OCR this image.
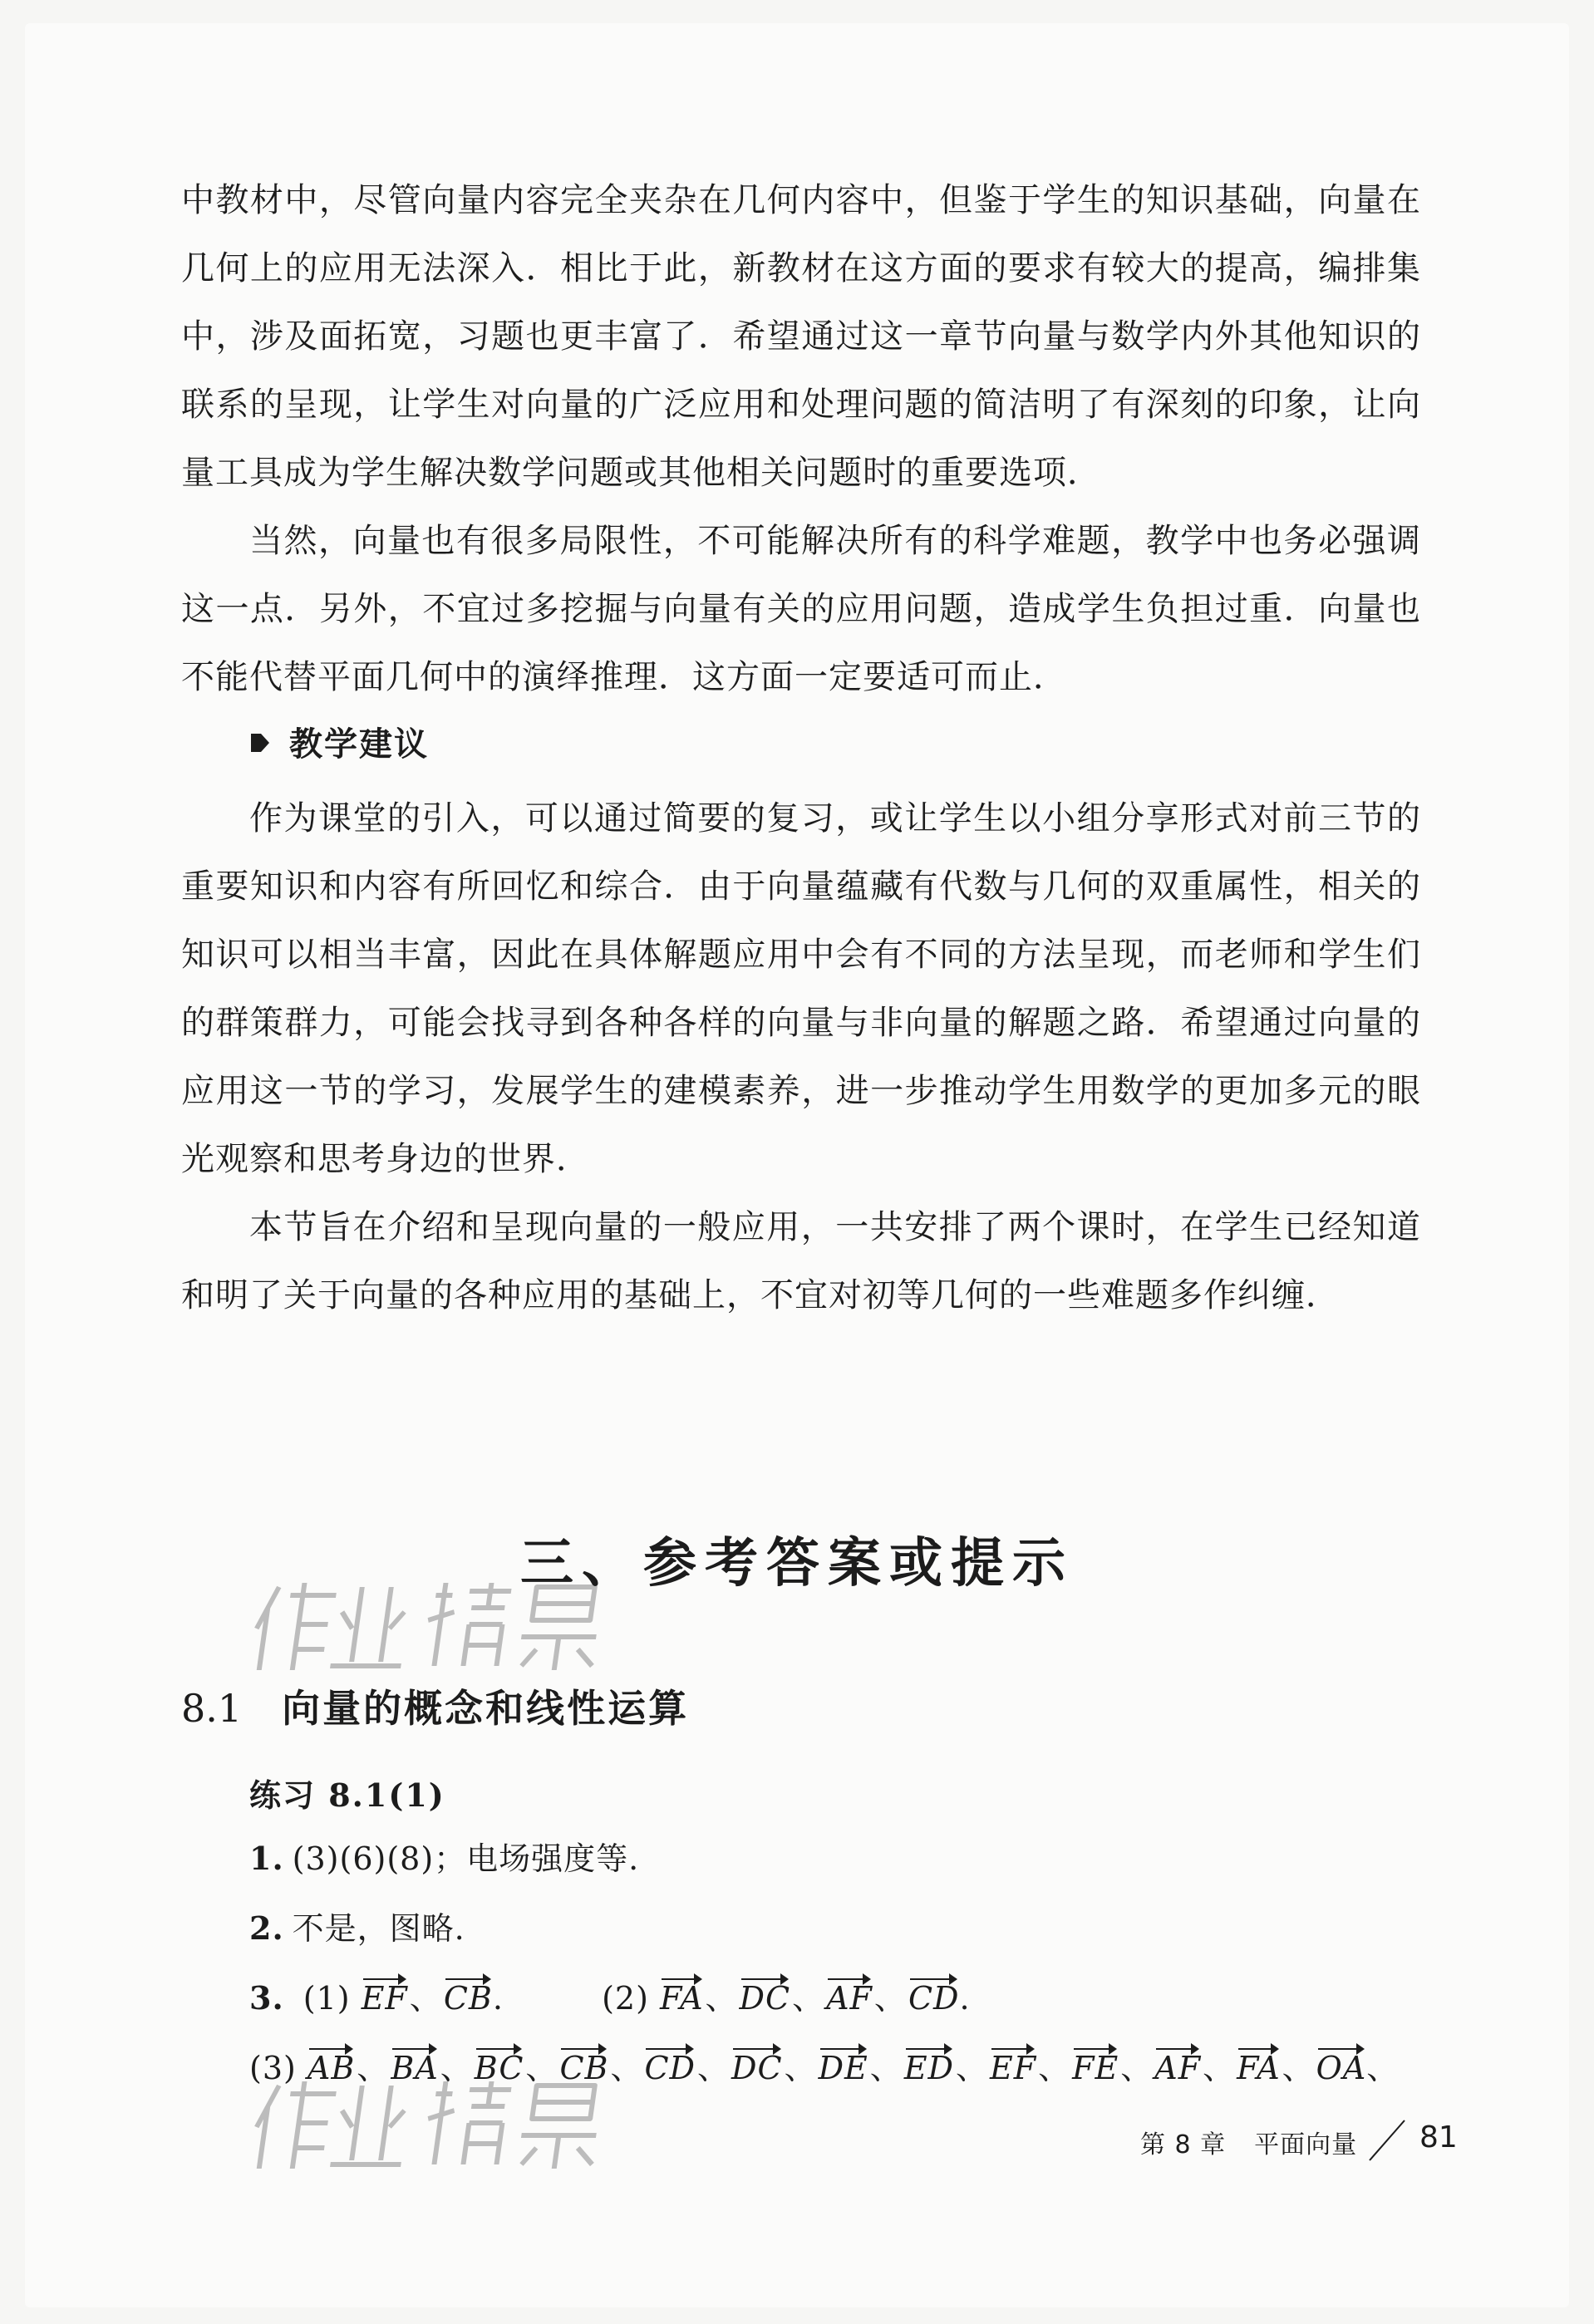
中教材中，尽管向量内容完全夹杂在几何内容中，但鉴于学生的知识基础，向量在几何上的应用无法深入．相比于此，新教材在这方面的要求有较大的提高，编排集中，涉及面拓宽，习题也更丰富了．希望通过这一章节向量与数学内外其他知识的联系的呈现，让学生对向量的广泛应用和处理问题的简洁明了有深刻的印象，让向量工具成为学生解决数学问题或其他相关问题时的重要选项．

当然，向量也有很多局限性，不可能解决所有的科学难题，教学中也务必强调这一点．另外，不宜过多挖掘与向量有关的应用问题，造成学生负担过重．向量也不能代替平面几何中的演绎推理．这方面一定要适可而止．

教学建议

作为课堂的引入，可以通过简要的复习，或让学生以小组分享形式对前三节的重要知识和内容有所回忆和综合．由于向量蕴藏有代数与几何的双重属性，相关的知识可以相当丰富，因此在具体解题应用中会有不同的方法呈现，而老师和学生们的群策群力，可能会找寻到各种各样的向量与非向量的解题之路．希望通过向量的应用这一节的学习，发展学生的建模素养，进一步推动学生用数学的更加多元的眼光观察和思考身边的世界．

本节旨在介绍和呈现向量的一般应用，一共安排了两个课时，在学生已经知道和明了关于向量的各种应用的基础上，不宜对初等几何的一些难题多作纠缠．

三、参考答案或提示
8.1 向量的概念和线性运算
练习 8.1(1)
1. (3)(6)(8)；电场强度等.
2. 不是，图略.
3. (1) EF、CB.	(2) FA、DC、AF、CD.
(3) AB、BA、BC、CB、CD、DC、DE、ED、EF、FE、AF、FA、OA、
第 8 章 平面向量 81
